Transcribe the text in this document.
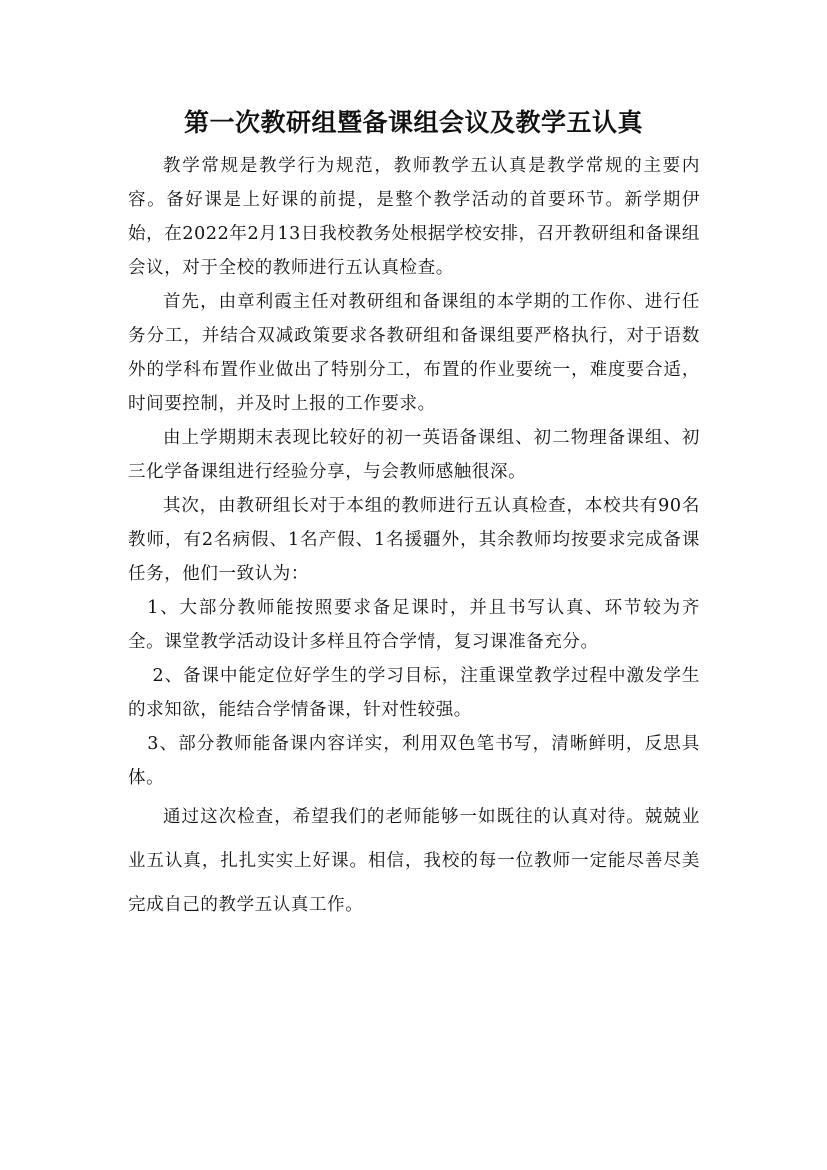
第一次教研组暨备课组会议及教学五认真

教学常规是教学行为规范，教师教学五认真是教学常规的主要内容。备好课是上好课的前提，是整个教学活动的首要环节。新学期伊始，在2022年2月13日我校教务处根据学校安排，召开教研组和备课组会议，对于全校的教师进行五认真检查。

首先，由章利霞主任对教研组和备课组的本学期的工作你、进行任务分工，并结合双减政策要求各教研组和备课组要严格执行，对于语数外的学科布置作业做出了特别分工，布置的作业要统一，难度要合适，时间要控制，并及时上报的工作要求。

由上学期期末表现比较好的初一英语备课组、初二物理备课组、初三化学备课组进行经验分享，与会教师感触很深。

其次，由教研组长对于本组的教师进行五认真检查，本校共有90名教师，有2名病假、1名产假、1名援疆外，其余教师均按要求完成备课任务，他们一致认为：

1、大部分教师能按照要求备足课时，并且书写认真、环节较为齐全。课堂教学活动设计多样且符合学情，复习课准备充分。

2、备课中能定位好学生的学习目标，注重课堂教学过程中激发学生的求知欲，能结合学情备课，针对性较强。

3、部分教师能备课内容详实，利用双色笔书写，清晰鲜明，反思具体。

通过这次检查，希望我们的老师能够一如既往的认真对待。兢兢业业五认真，扎扎实实上好课。相信，我校的每一位教师一定能尽善尽美完成自己的教学五认真工作。
